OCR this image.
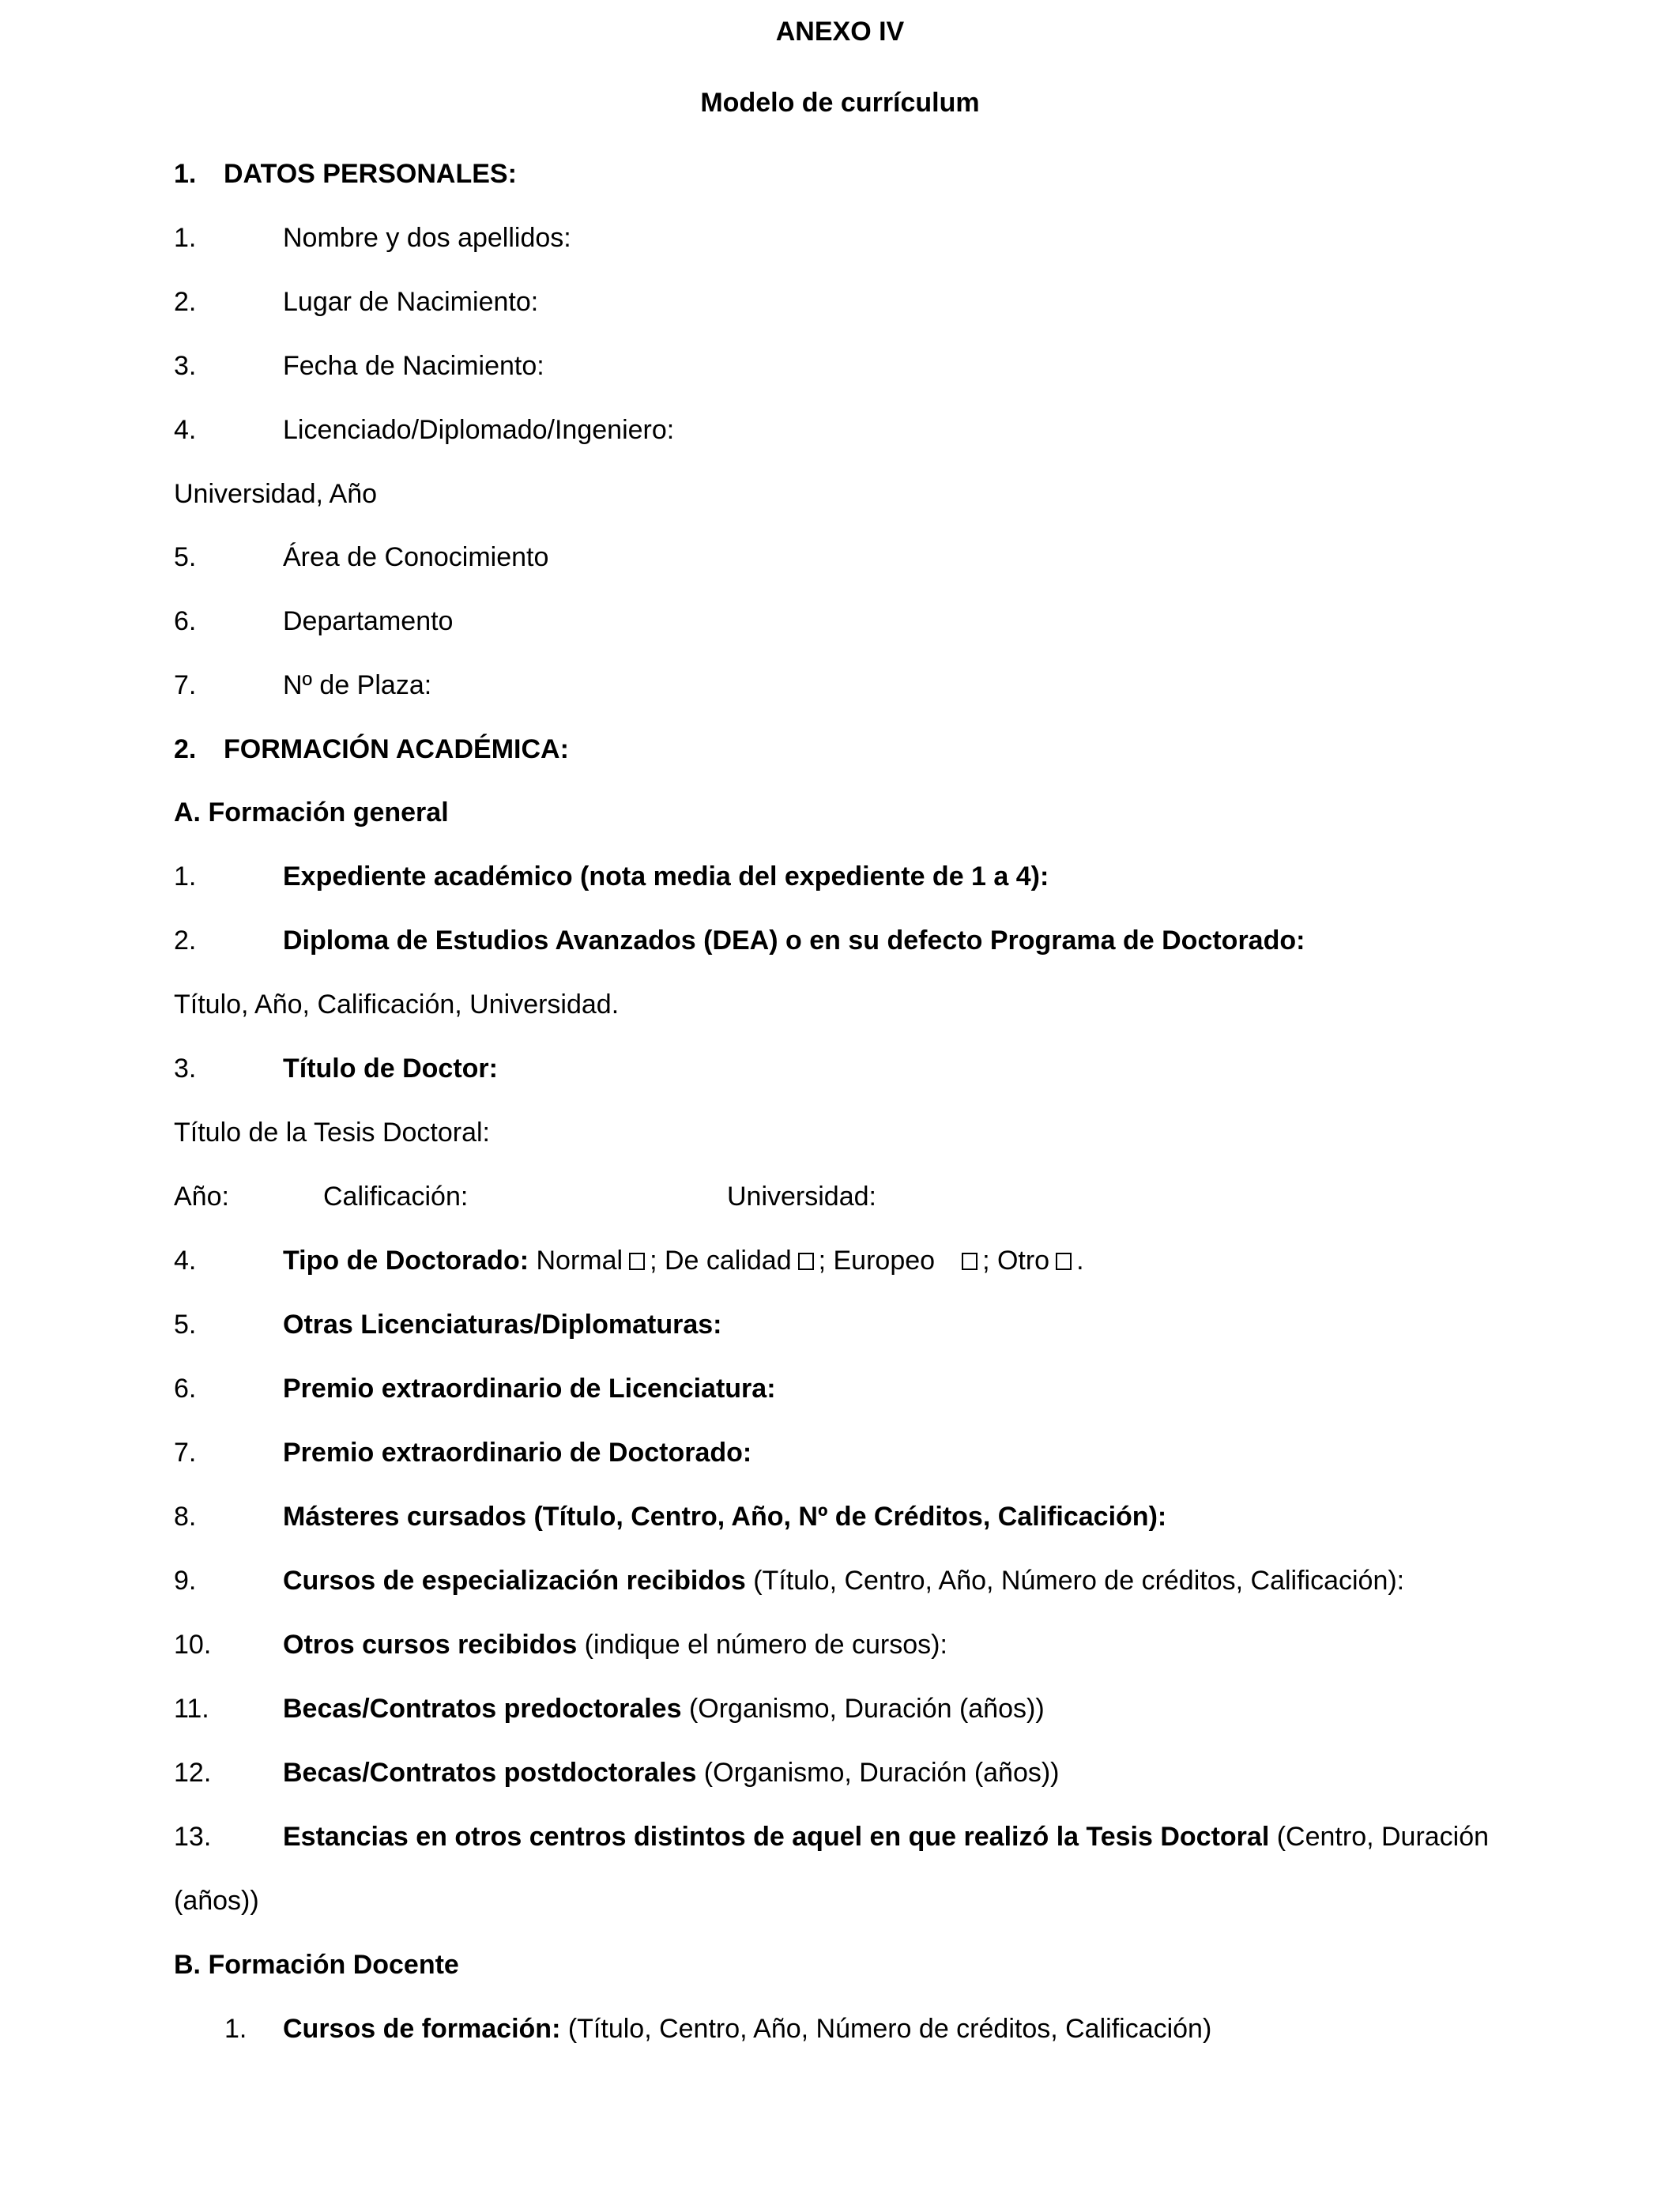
ANEXO IV
Modelo de currículum
1. DATOS PERSONALES:
1.	Nombre y dos apellidos:
2.	Lugar de Nacimiento:
3.	Fecha de Nacimiento:
4.	Licenciado/Diplomado/Ingeniero:
Universidad, Año
5.	Área de Conocimiento
6.	Departamento
7.	Nº de Plaza:
2. FORMACIÓN ACADÉMICA:
A. Formación general
1.	Expediente académico (nota media del expediente de 1 a 4):
2.	Diploma de Estudios Avanzados (DEA) o en su defecto Programa de Doctorado:
Título, Año, Calificación, Universidad.
3.	Título de Doctor:
Título de la Tesis Doctoral:
Año:	Calificación:	Universidad:
4.	Tipo de Doctorado: Normal ; De calidad ; Europeo ; Otro .
5.	Otras Licenciaturas/Diplomaturas:
6.	Premio extraordinario de Licenciatura:
7.	Premio extraordinario de Doctorado:
8.	Másteres cursados (Título, Centro, Año, Nº de Créditos, Calificación):
9.	Cursos de especialización recibidos (Título, Centro, Año, Número de créditos, Calificación):
10.	Otros cursos recibidos (indique el número de cursos):
11.	Becas/Contratos predoctorales (Organismo, Duración (años))
12.	Becas/Contratos postdoctorales (Organismo, Duración (años))
13.	Estancias en otros centros distintos de aquel en que realizó la Tesis Doctoral (Centro, Duración
(años))
B. Formación Docente
1. Cursos de formación: (Título, Centro, Año, Número de créditos, Calificación)
